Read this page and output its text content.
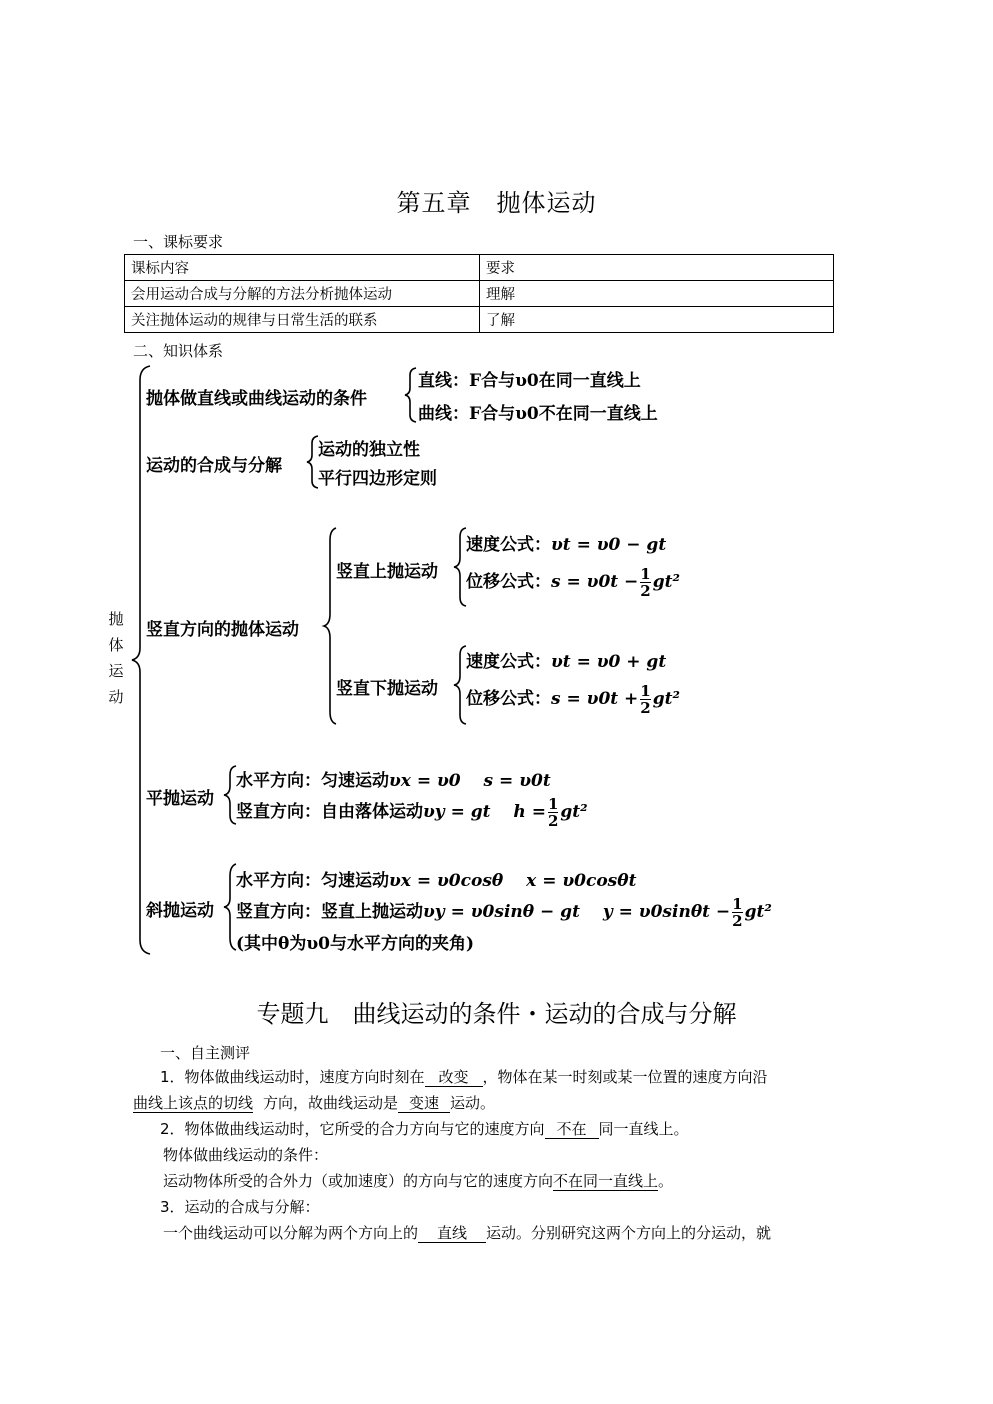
第五章　抛体运动
一、课标要求
课标内容	要求
会用运动合成与分解的方法分析抛体运动	理解
关注抛体运动的规律与日常生活的联系	了解
二、知识体系
抛
体
运
动
抛体做直线或曲线运动的条件
直线：F合与υ0在同一直线上
曲线：F合与υ0不在同一直线上
运动的合成与分解
运动的独立性
平行四边形定则
竖直方向的抛体运动
竖直上抛运动
速度公式：υt = υ0 − gt
位移公式：$s = \upsilon 0t - \frac{1}{2} gt^2$
竖直下抛运动
速度公式：υt = υ0 + gt
位移公式：$s = \upsilon 0t + \frac{1}{2} gt^2$
平抛运动
水平方向：匀速运动υx = υ0　 s = υ0t
竖直方向：自由落体运动υy = gt　 $h = \frac{1}{2} gt^2$
斜抛运动
水平方向：匀速运动υx = υ0cosθ　 x = υ0cosθt
竖直方向：竖直上抛运动υy = υ0sinθ − gt　 $y = \upsilon 0\sin\theta t - \frac{1}{2} gt^2$
(其中θ为υ0与水平方向的夹角)
专题九　曲线运动的条件・运动的合成与分解
一、自主测评
1．物体做曲线运动时，速度方向时刻在 改变 ，物体在某一时刻或某一位置的速度方向沿
曲线上该点的切线 方向，故曲线运动是 变速 运动。
2．物体做曲线运动时，它所受的合力方向与它的速度方向 不在 同一直线上。
物体做曲线运动的条件：
运动物体所受的合外力（或加速度）的方向与它的速度方向不在同一直线上。
3．运动的合成与分解：
一个曲线运动可以分解为两个方向上的 直线 运动。分别研究这两个方向上的分运动，就
